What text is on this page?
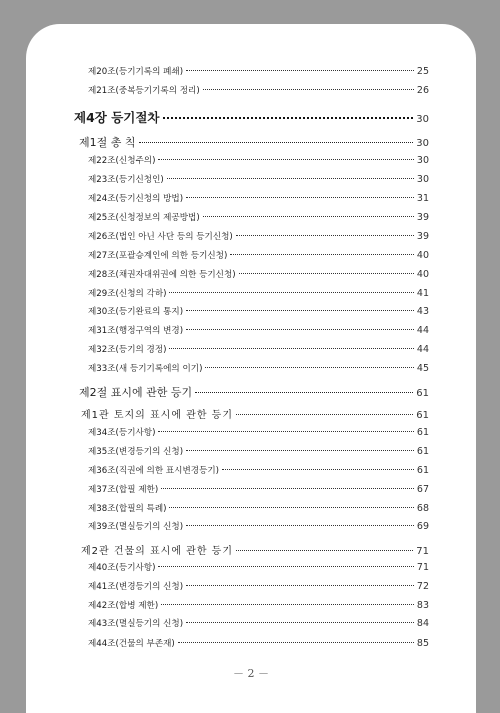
제20조(등기기록의 폐쇄)	25
제21조(중복등기기록의 정리)	26
제4장 등기절차	30
제1절 총 칙	30
제22조(신청주의)	30
제23조(등기신청인)	30
제24조(등기신청의 방법)	31
제25조(신청정보의 제공방법)	39
제26조(법인 아닌 사단 등의 등기신청)	39
제27조(포괄승계인에 의한 등기신청)	40
제28조(채권자대위권에 의한 등기신청)	40
제29조(신청의 각하)	41
제30조(등기완료의 통지)	43
제31조(행정구역의 변경)	44
제32조(등기의 경정)	44
제33조(새 등기기록에의 이기)	45
제2절 표시에 관한 등기	61
제1관 토지의 표시에 관한 등기	61
제34조(등기사항)	61
제35조(변경등기의 신청)	61
제36조(직권에 의한 표시변경등기)	61
제37조(합필 제한)	67
제38조(합필의 특례)	68
제39조(멸실등기의 신청)	69
제2관 건물의 표시에 관한 등기	71
제40조(등기사항)	71
제41조(변경등기의 신청)	72
제42조(합병 제한)	83
제43조(멸실등기의 신청)	84
제44조(건물의 부존재)	85
－ 2 －
